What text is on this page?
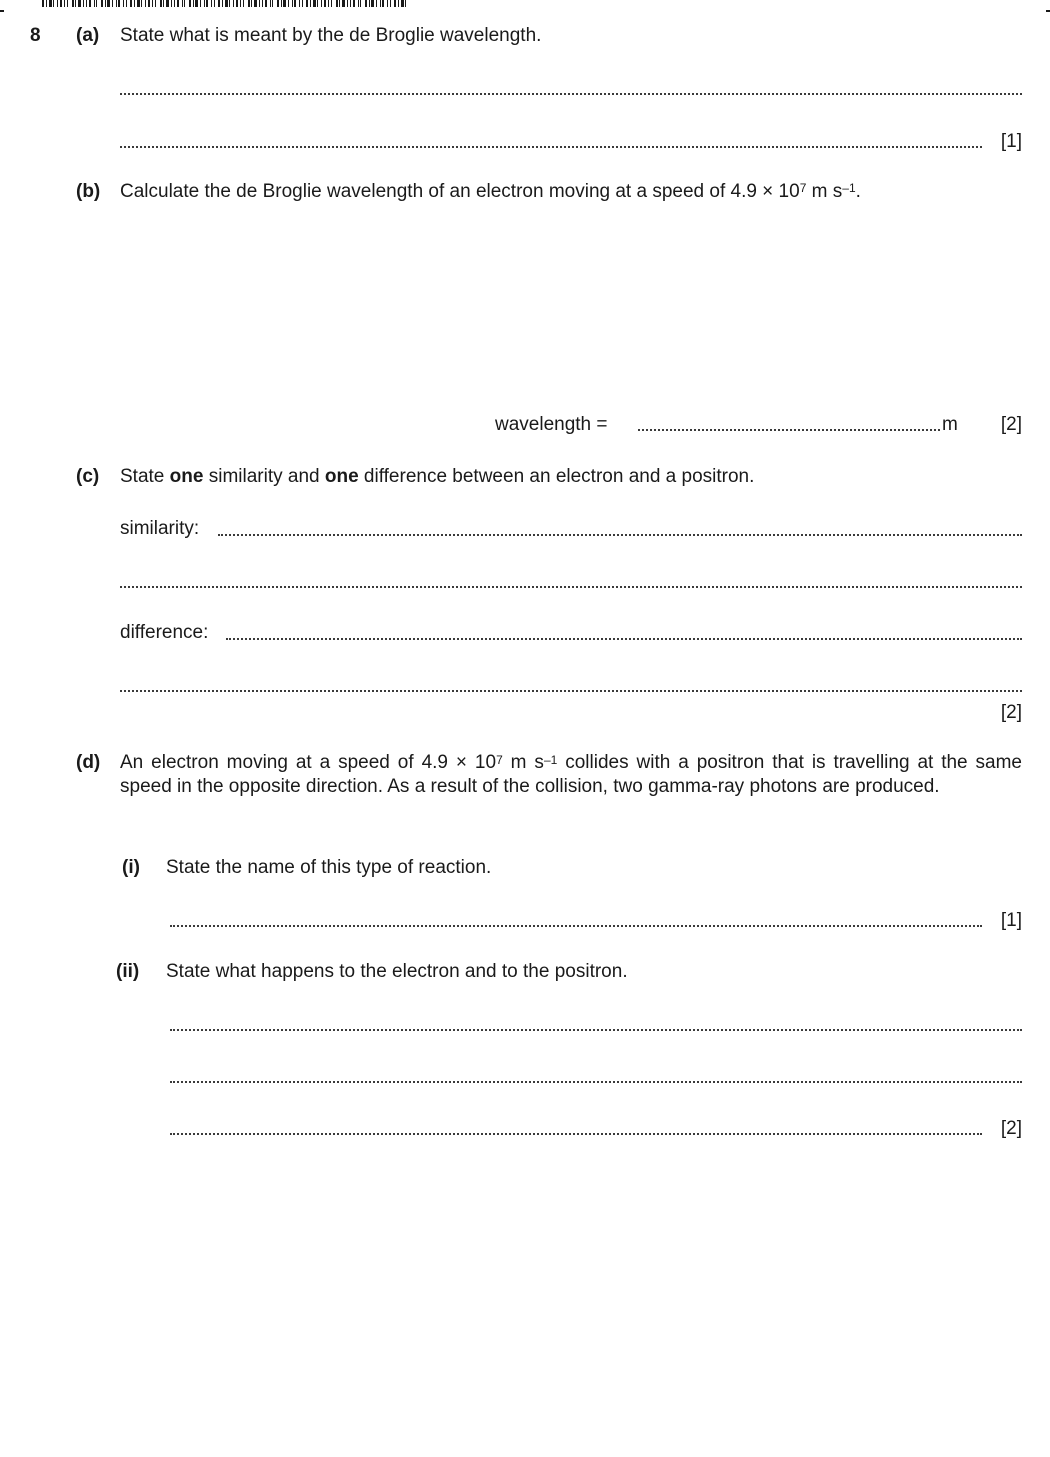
8 (a) State what is meant by the de Broglie wavelength.
[1]
(b) Calculate the de Broglie wavelength of an electron moving at a speed of $4.9 \times 10^7$ m $s^{-1}$.
wavelength =	m	[2]
(c) State one similarity and one difference between an electron and a positron.
similarity:
difference:
[2]
(d) An electron moving at a speed of $4.9 \times 10^7$ m $s^{-1}$ collides with a positron that is travelling at the same speed in the opposite direction. As a result of the collision, two gamma-ray photons are produced.
(i) State the name of this type of reaction.
[1]
(ii) State what happens to the electron and to the positron.
[2]
